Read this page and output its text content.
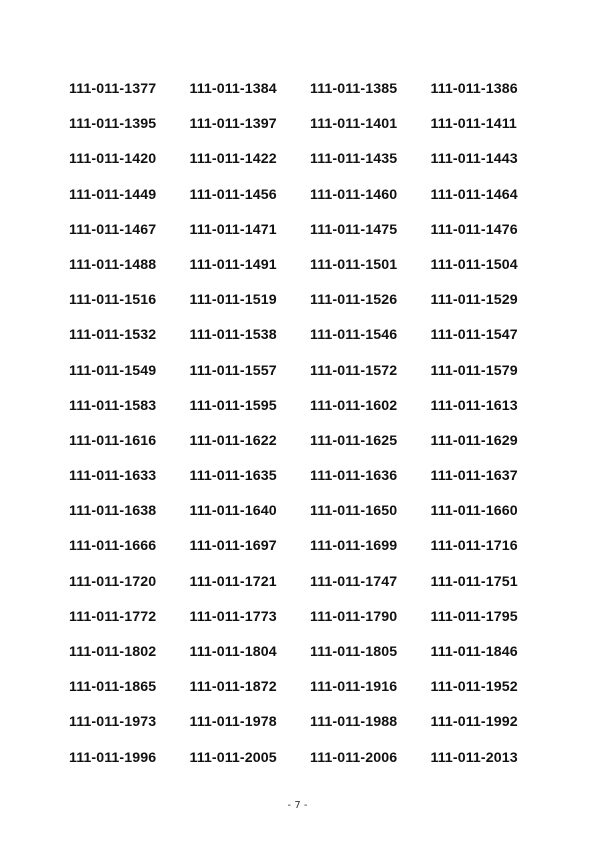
111-011-1377	111-011-1384	111-011-1385	111-011-1386
111-011-1395	111-011-1397	111-011-1401	111-011-1411
111-011-1420	111-011-1422	111-011-1435	111-011-1443
111-011-1449	111-011-1456	111-011-1460	111-011-1464
111-011-1467	111-011-1471	111-011-1475	111-011-1476
111-011-1488	111-011-1491	111-011-1501	111-011-1504
111-011-1516	111-011-1519	111-011-1526	111-011-1529
111-011-1532	111-011-1538	111-011-1546	111-011-1547
111-011-1549	111-011-1557	111-011-1572	111-011-1579
111-011-1583	111-011-1595	111-011-1602	111-011-1613
111-011-1616	111-011-1622	111-011-1625	111-011-1629
111-011-1633	111-011-1635	111-011-1636	111-011-1637
111-011-1638	111-011-1640	111-011-1650	111-011-1660
111-011-1666	111-011-1697	111-011-1699	111-011-1716
111-011-1720	111-011-1721	111-011-1747	111-011-1751
111-011-1772	111-011-1773	111-011-1790	111-011-1795
111-011-1802	111-011-1804	111-011-1805	111-011-1846
111-011-1865	111-011-1872	111-011-1916	111-011-1952
111-011-1973	111-011-1978	111-011-1988	111-011-1992
111-011-1996	111-011-2005	111-011-2006	111-011-2013
- 7 -
